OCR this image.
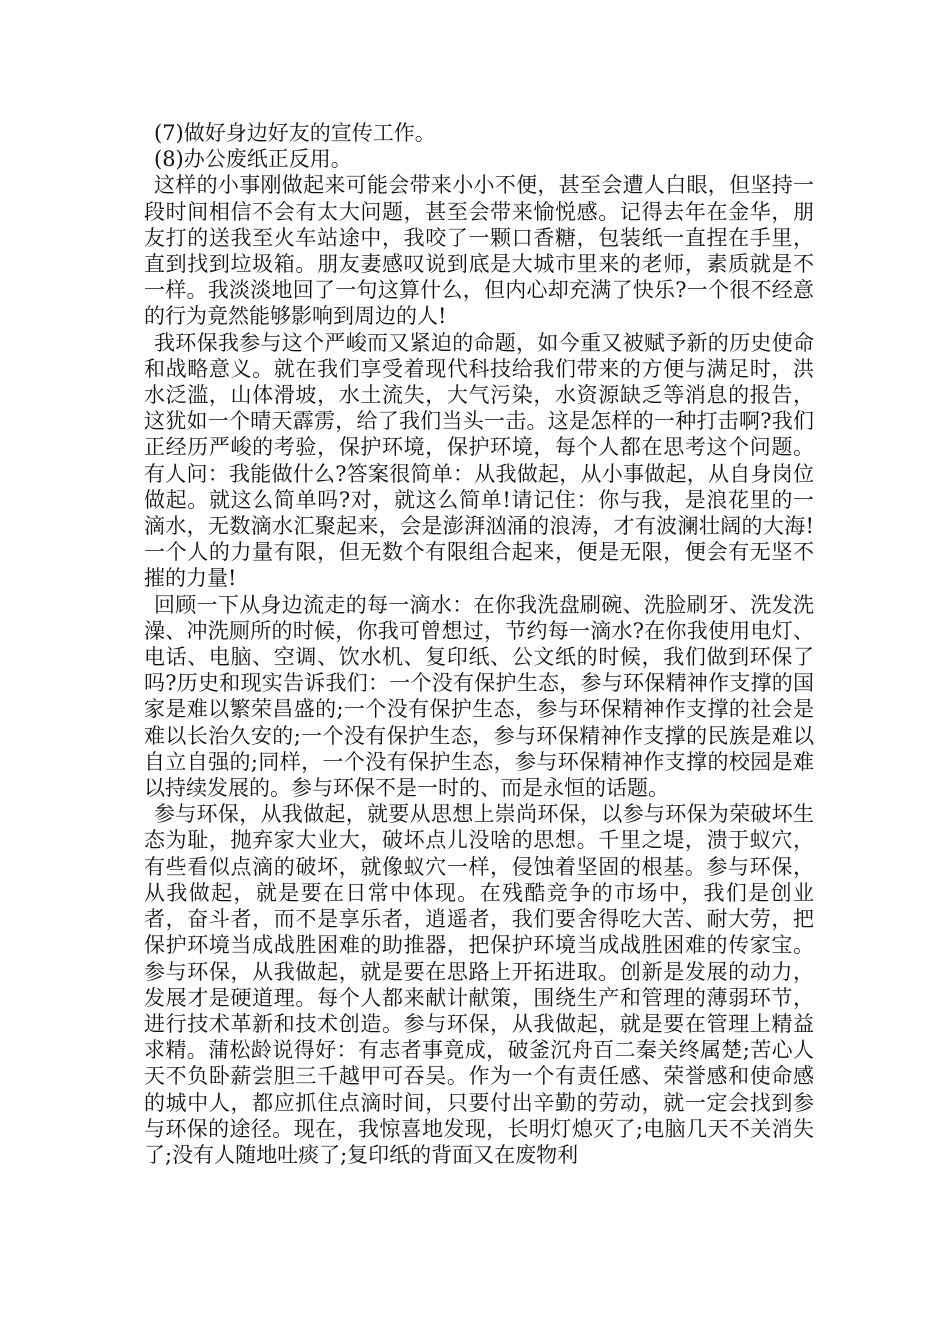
(7)做好身边好友的宣传工作。

(8)办公废纸正反用。

这样的小事刚做起来可能会带来小小不便，甚至会遭人白眼，但坚持一段时间相信不会有太大问题，甚至会带来愉悦感。记得去年在金华，朋友打的送我至火车站途中，我咬了一颗口香糖，包装纸一直捏在手里，直到找到垃圾箱。朋友妻感叹说到底是大城市里来的老师，素质就是不一样。我淡淡地回了一句这算什么，但内心却充满了快乐?一个很不经意的行为竟然能够影响到周边的人!

我环保我参与这个严峻而又紧迫的命题，如今重又被赋予新的历史使命和战略意义。就在我们享受着现代科技给我们带来的方便与满足时，洪水泛滥，山体滑坡，水土流失，大气污染，水资源缺乏等消息的报告，这犹如一个晴天霹雳，给了我们当头一击。这是怎样的一种打击啊?我们正经历严峻的考验，保护环境，保护环境，每个人都在思考这个问题。有人问：我能做什么?答案很简单：从我做起，从小事做起，从自身岗位做起。就这么简单吗?对，就这么简单!请记住：你与我，是浪花里的一滴水，无数滴水汇聚起来，会是澎湃汹涌的浪涛，才有波澜壮阔的大海!一个人的力量有限，但无数个有限组合起来，便是无限，便会有无坚不摧的力量!

回顾一下从身边流走的每一滴水：在你我洗盘刷碗、洗脸刷牙、洗发洗澡、冲洗厕所的时候，你我可曾想过，节约每一滴水?在你我使用电灯、电话、电脑、空调、饮水机、复印纸、公文纸的时候，我们做到环保了吗?历史和现实告诉我们：一个没有保护生态，参与环保精神作支撑的国家是难以繁荣昌盛的;一个没有保护生态，参与环保精神作支撑的社会是难以长治久安的;一个没有保护生态，参与环保精神作支撑的民族是难以自立自强的;同样，一个没有保护生态，参与环保精神作支撑的校园是难以持续发展的。参与环保不是一时的、而是永恒的话题。

参与环保，从我做起，就要从思想上崇尚环保，以参与环保为荣破坏生态为耻，抛弃家大业大，破坏点儿没啥的思想。千里之堤，溃于蚁穴，有些看似点滴的破坏，就像蚁穴一样，侵蚀着坚固的根基。参与环保，从我做起，就是要在日常中体现。在残酷竞争的市场中，我们是创业者，奋斗者，而不是享乐者，逍遥者，我们要舍得吃大苦、耐大劳，把保护环境当成战胜困难的助推器，把保护环境当成战胜困难的传家宝。参与环保，从我做起，就是要在思路上开拓进取。创新是发展的动力，发展才是硬道理。每个人都来献计献策，围绕生产和管理的薄弱环节，进行技术革新和技术创造。参与环保，从我做起，就是要在管理上精益求精。蒲松龄说得好：有志者事竟成，破釜沉舟百二秦关终属楚;苦心人天不负卧薪尝胆三千越甲可吞吴。作为一个有责任感、荣誉感和使命感的城中人，都应抓住点滴时间，只要付出辛勤的劳动，就一定会找到参与环保的途径。现在，我惊喜地发现，长明灯熄灭了;电脑几天不关消失了;没有人随地吐痰了;复印纸的背面又在废物利
